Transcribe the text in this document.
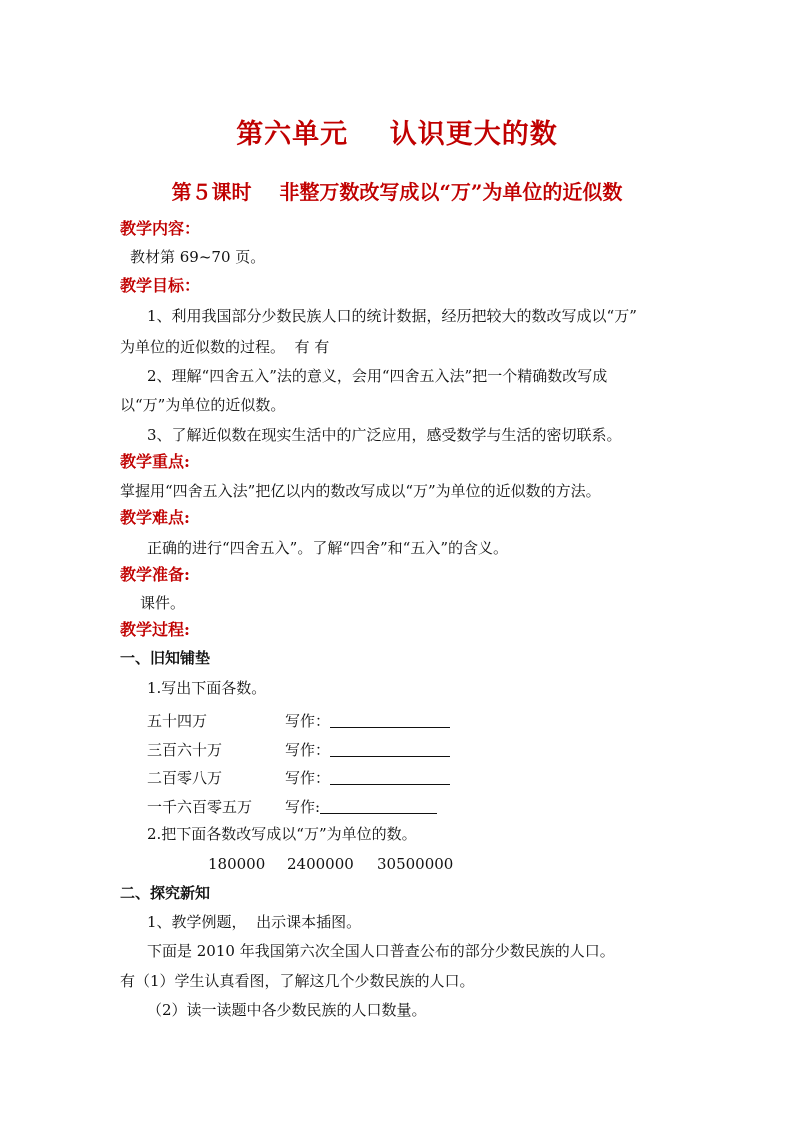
第六单元    认识更大的数
第５课时    非整万数改写成以“万”为单位的近似数
教学内容：
教材第 69~70 页。
教学目标：
1、利用我国部分少数民族人口的统计数据，经历把较大的数改写成以“万”
为单位的近似数的过程。  有 有
2、理解“四舍五入”法的意义，会用“四舍五入法”把一个精确数改写成
以“万”为单位的近似数。
3、了解近似数在现实生活中的广泛应用，感受数学与生活的密切联系。
教学重点:
掌握用“四舍五入法”把亿以内的数改写成以“万”为单位的近似数的方法。
教学难点:
正确的进行“四舍五入”。了解“四舍”和“五入”的含义。
教学准备:
课件。
教学过程:
一、旧知铺垫
1.写出下面各数。
五十四万	写作：
三百六十万	写作：
二百零八万	写作：
一千六百零五万 写作:
2.把下面各数改写成以“万”为单位的数。
180000 2400000 30500000
二、探究新知
1、教学例题，  出示课本插图。
下面是 2010 年我国第六次全国人口普查公布的部分少数民族的人口。
有（1）学生认真看图，了解这几个少数民族的人口。
（2）读一读题中各少数民族的人口数量。
